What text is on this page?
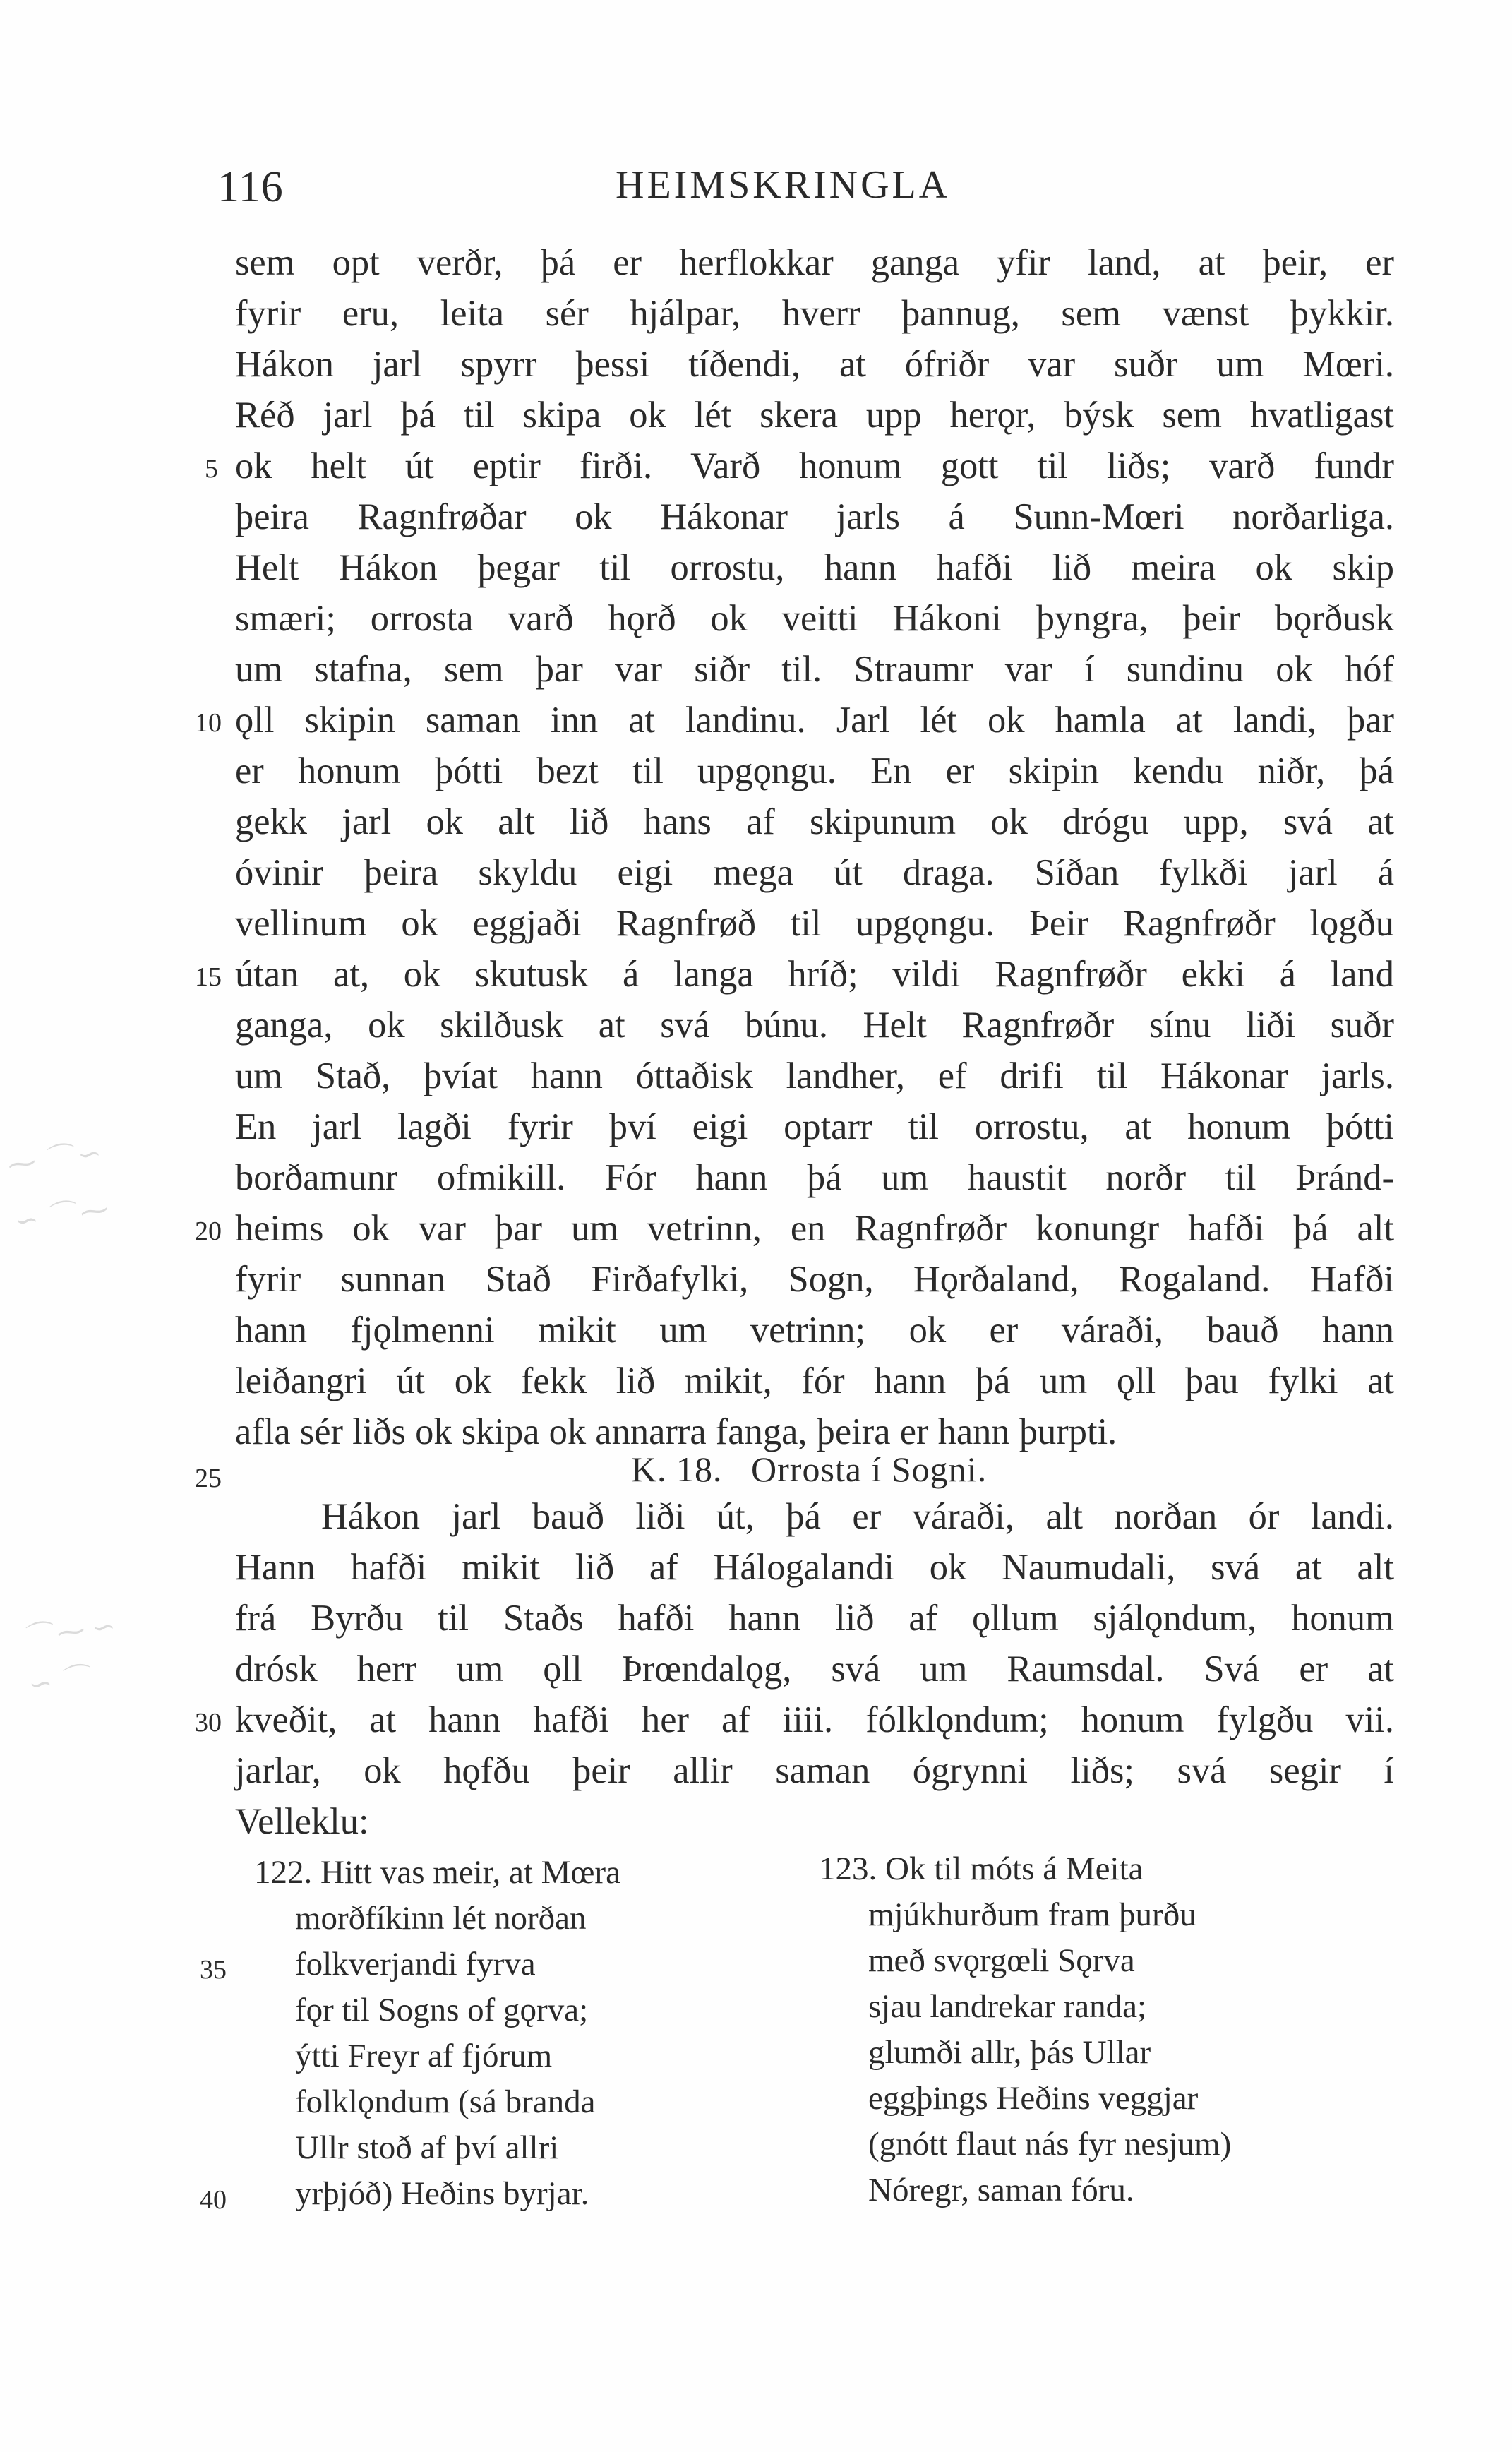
116	HEIMSKRINGLA
⁓ ⌒ ∽
∽ ⌒ ⁓
⌒ ⁓ ∽
∽ ⌒
sem opt verðr, þá er herflokkar ganga yfir land, at þeir, er
fyrir eru, leita sér hjálpar, hverr þannug, sem vænst þykkir.
Hákon jarl spyrr þessi tíðendi, at ófriðr var suðr um Mœri.
Réð jarl þá til skipa ok lét skera upp herǫr, býsk sem hvatligast
ok helt út eptir firði. Varð honum gott til liðs; varð fundr
þeira Ragnfrøðar ok Hákonar jarls á Sunn-Mœri norðarliga.
Helt Hákon þegar til orrostu, hann hafði lið meira ok skip
smæri; orrosta varð hǫrð ok veitti Hákoni þyngra, þeir bǫrðusk
um stafna, sem þar var siðr til. Straumr var í sundinu ok hóf
ǫll skipin saman inn at landinu. Jarl lét ok hamla at landi, þar
er honum þótti bezt til upgǫngu. En er skipin kendu niðr, þá
gekk jarl ok alt lið hans af skipunum ok drógu upp, svá at
óvinir þeira skyldu eigi mega út draga. Síðan fylkði jarl á
vellinum ok eggjaði Ragnfrøð til upgǫngu. Þeir Ragnfrøðr lǫgðu
útan at, ok skutusk á langa hríð; vildi Ragnfrøðr ekki á land
ganga, ok skilðusk at svá búnu. Helt Ragnfrøðr sínu liði suðr
um Stað, þvíat hann óttaðisk landher, ef drifi til Hákonar jarls.
En jarl lagði fyrir því eigi optarr til orrostu, at honum þótti
borðamunr ofmikill. Fór hann þá um haustit norðr til Þránd-
heims ok var þar um vetrinn, en Ragnfrøðr konungr hafði þá alt
fyrir sunnan Stað Firðafylki, Sogn, Hǫrðaland, Rogaland. Hafði
hann fjǫlmenni mikit um vetrinn; ok er váraði, bauð hann
leiðangri út ok fekk lið mikit, fór hann þá um ǫll þau fylki at
afla sér liðs ok skipa ok annarra fanga, þeira er hann þurpti.
K. 18.   Orrosta í Sogni.
Hákon jarl bauð liði út, þá er váraði, alt norðan ór landi.
Hann hafði mikit lið af Hálogalandi ok Naumudali, svá at alt
frá Byrðu til Staðs hafði hann lið af ǫllum sjálǫndum, honum
drósk herr um ǫll Þrœndalǫg, svá um Raumsdal. Svá er at
kveðit, at hann hafði her af iiii. fólklǫndum; honum fylgðu vii.
jarlar, ok hǫfðu þeir allir saman ógrynni liðs; svá segir í
Velleklu:
122. Hitt vas meir, at Mœra
morðfíkinn lét norðan
folkverjandi fyrva
fǫr til Sogns of gǫrva;
ýtti Freyr af fjórum
folklǫndum (sá branda
Ullr stoð af því allri
yrþjóð) Heðins byrjar.
123. Ok til móts á Meita
mjúkhurðum fram þurðu
með svǫrgœli Sǫrva
sjau landrekar randa;
glumði allr, þás Ullar
eggþings Heðins veggjar
(gnótt flaut nás fyr nesjum)
Nóregr, saman fóru.
5
10
15
20
25
30
35
40
